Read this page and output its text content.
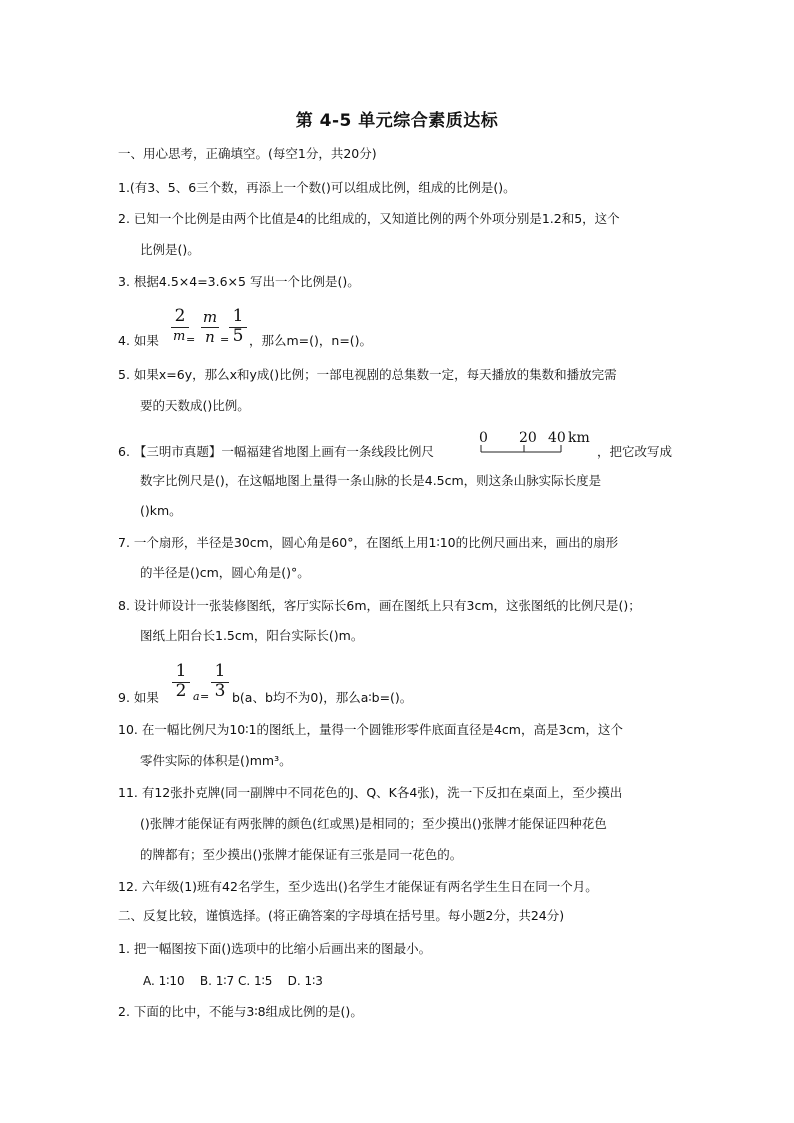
第 4-5 单元综合素质达标
一、用心思考，正确填空。(每空1分，共20分)
1.(有3、5、6三个数，再添上一个数()可以组成比例，组成的比例是()。
2. 已知一个比例是由两个比值是4的比组成的，又知道比例的两个外项分别是1.2和5，这个
比例是()。
3. 根据4.5×4=3.6×5 写出一个比例是()。
4. 如果
2
m =
m
n =
1
5 ，那么m=()，n=()。
5. 如果x=6y，那么x和y成()比例；一部电视剧的总集数一定，每天播放的集数和播放完需
要的天数成()比例。
6. 【三明市真题】一幅福建省地图上画有一条线段比例尺
0 20 40 km
，把它改写成
数字比例尺是()，在这幅地图上量得一条山脉的长是4.5cm，则这条山脉实际长度是
()km。
7. 一个扇形，半径是30cm，圆心角是60°，在图纸上用1∶10的比例尺画出来，画出的扇形
的半径是()cm，圆心角是()°。
8. 设计师设计一张装修图纸，客厅实际长6m，画在图纸上只有3cm，这张图纸的比例尺是()；
图纸上阳台长1.5cm，阳台实际长()m。
9. 如果
1
2 a =
1
3 b(a、b均不为0)，那么a∶b=()。
10. 在一幅比例尺为10∶1的图纸上，量得一个圆锥形零件底面直径是4cm，高是3cm，这个
零件实际的体积是()mm³。
11. 有12张扑克牌(同一副牌中不同花色的J、Q、K各4张)，洗一下反扣在桌面上，至少摸出
()张牌才能保证有两张牌的颜色(红或黑)是相同的；至少摸出()张牌才能保证四种花色
的牌都有；至少摸出()张牌才能保证有三张是同一花色的。
12. 六年级(1)班有42名学生，至少选出()名学生才能保证有两名学生生日在同一个月。
二、反复比较，谨慎选择。(将正确答案的字母填在括号里。每小题2分，共24分)
1. 把一幅图按下面()选项中的比缩小后画出来的图最小。
A. 1∶10    B. 1∶7 C. 1∶5    D. 1∶3
2. 下面的比中，不能与3∶8组成比例的是()。
